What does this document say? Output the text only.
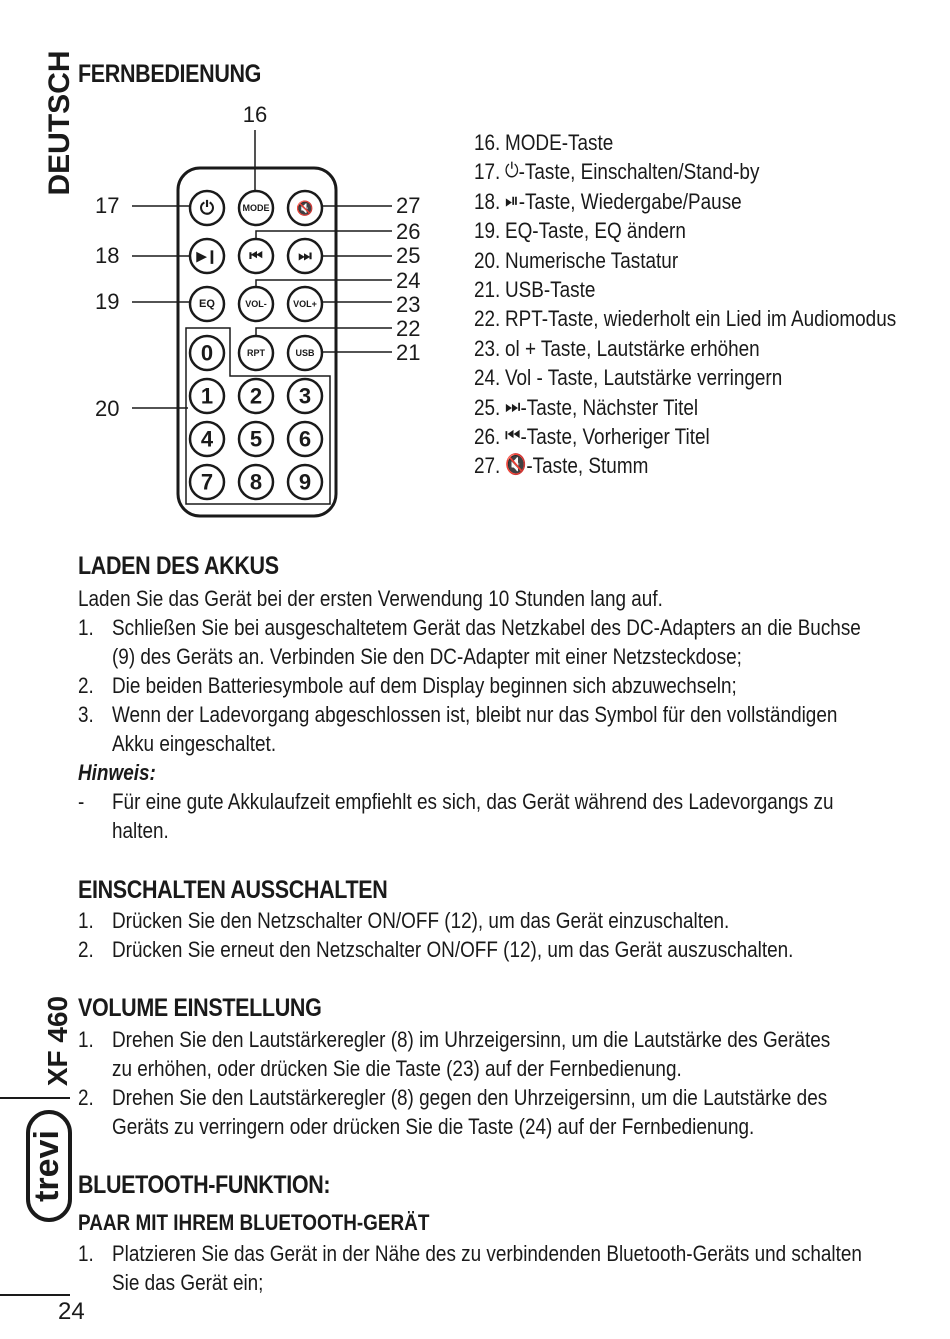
DEUTSCH
XF 460
trevi
24
FERNBEDIENUNG
16
17
18
19
20
21
22
23
24
25
26
27
⏻	MODE 🔇
▶❙ ⏮ ⏭
EQ	VOL-	VOL+
0	RPT	USB
1 2 3
4 5 6
7 8 9
16. MODE-Taste
17. ⏻ -Taste, Einschalten/Stand-by
18. ⏯ -Taste, Wiedergabe/Pause
19. EQ-Taste, EQ ändern
20. Numerische Tastatur
21. USB-Taste
22. RPT-Taste, wiederholt ein Lied im Audiomodus
23. ol + Taste, Lautstärke erhöhen
24. Vol - Taste, Lautstärke verringern
25. ⏭ -Taste, Nächster Titel
26. ⏮ -Taste, Vorheriger Titel
27. 🔇 -Taste, Stumm
LADEN DES AKKUS
Laden Sie das Gerät bei der ersten Verwendung 10 Stunden lang auf.
1. Schließen Sie bei ausgeschaltetem Gerät das Netzkabel des DC-Adapters an die Buchse
(9) des Geräts an. Verbinden Sie den DC-Adapter mit einer Netzsteckdose;
2. Die beiden Batteriesymbole auf dem Display beginnen sich abzuwechseln;
3. Wenn der Ladevorgang abgeschlossen ist, bleibt nur das Symbol für den vollständigen
Akku eingeschaltet.
Hinweis:
- Für eine gute Akkulaufzeit empfiehlt es sich, das Gerät während des Ladevorgangs zu
halten.
EINSCHALTEN AUSSCHALTEN
1. Drücken Sie den Netzschalter ON/OFF (12), um das Gerät einzuschalten.
2. Drücken Sie erneut den Netzschalter ON/OFF (12), um das Gerät auszuschalten.
VOLUME EINSTELLUNG
1. Drehen Sie den Lautstärkeregler (8) im Uhrzeigersinn, um die Lautstärke des Gerätes
zu erhöhen, oder drücken Sie die Taste (23) auf der Fernbedienung.
2. Drehen Sie den Lautstärkeregler (8) gegen den Uhrzeigersinn, um die Lautstärke des
Geräts zu verringern oder drücken Sie die Taste (24) auf der Fernbedienung.
BLUETOOTH-FUNKTION:
PAAR MIT IHREM BLUETOOTH-GERÄT
1. Platzieren Sie das Gerät in der Nähe des zu verbindenden Bluetooth-Geräts und schalten
Sie das Gerät ein;
